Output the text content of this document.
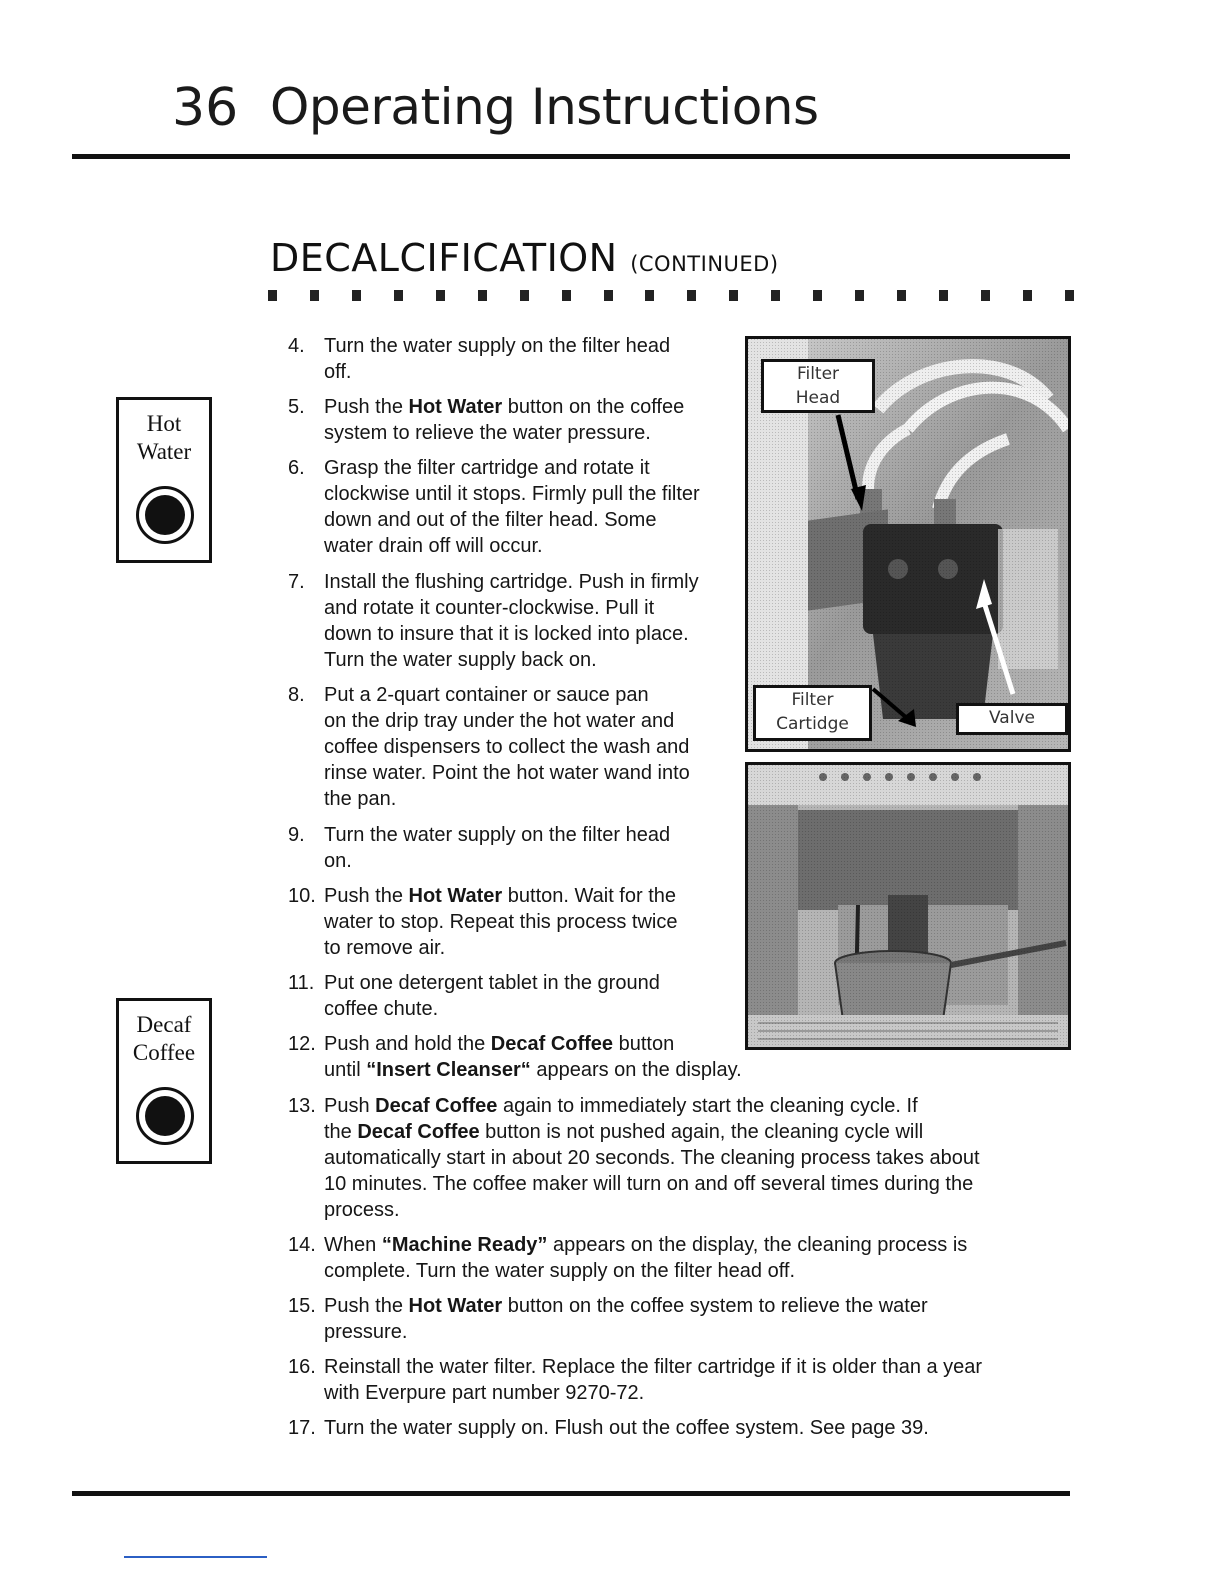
36 Operating Instructions
DECALCIFICATION (CONTINUED)
Hot
Water
Decaf
Coffee
Filter
Head
Filter
Cartidge	Valve
4. Turn the water supply on the filter head
off.
5. Push the Hot Water button on the coffee
system to relieve the water pressure.
6. Grasp the filter cartridge and rotate it
clockwise until it stops. Firmly pull the filter
down and out of the filter head. Some
water drain off will occur.
7. Install the flushing cartridge. Push in firmly
and rotate it counter-clockwise. Pull it
down to insure that it is locked into place.
Turn the water supply back on.
8. Put a 2-quart container or sauce pan
on the drip tray under the hot water and
coffee dispensers to collect the wash and
rinse water. Point the hot water wand into
the pan.
9. Turn the water supply on the filter head
on.
10. Push the Hot Water button. Wait for the
water to stop. Repeat this process twice
to remove air.
11. Put one detergent tablet in the ground
coffee chute.
12. Push and hold the Decaf Coffee button
until “Insert Cleanser“ appears on the display.
13. Push Decaf Coffee again to immediately start the cleaning cycle. If
the Decaf Coffee button is not pushed again, the cleaning cycle will
automatically start in about 20 seconds. The cleaning process takes about
10 minutes. The coffee maker will turn on and off several times during the
process.
14. When “Machine Ready” appears on the display, the cleaning process is
complete. Turn the water supply on the filter head off.
15. Push the Hot Water button on the coffee system to relieve the water
pressure.
16. Reinstall the water filter. Replace the filter cartridge if it is older than a year
with Everpure part number 9270-72.
17. Turn the water supply on. Flush out the coffee system. See page 39.
